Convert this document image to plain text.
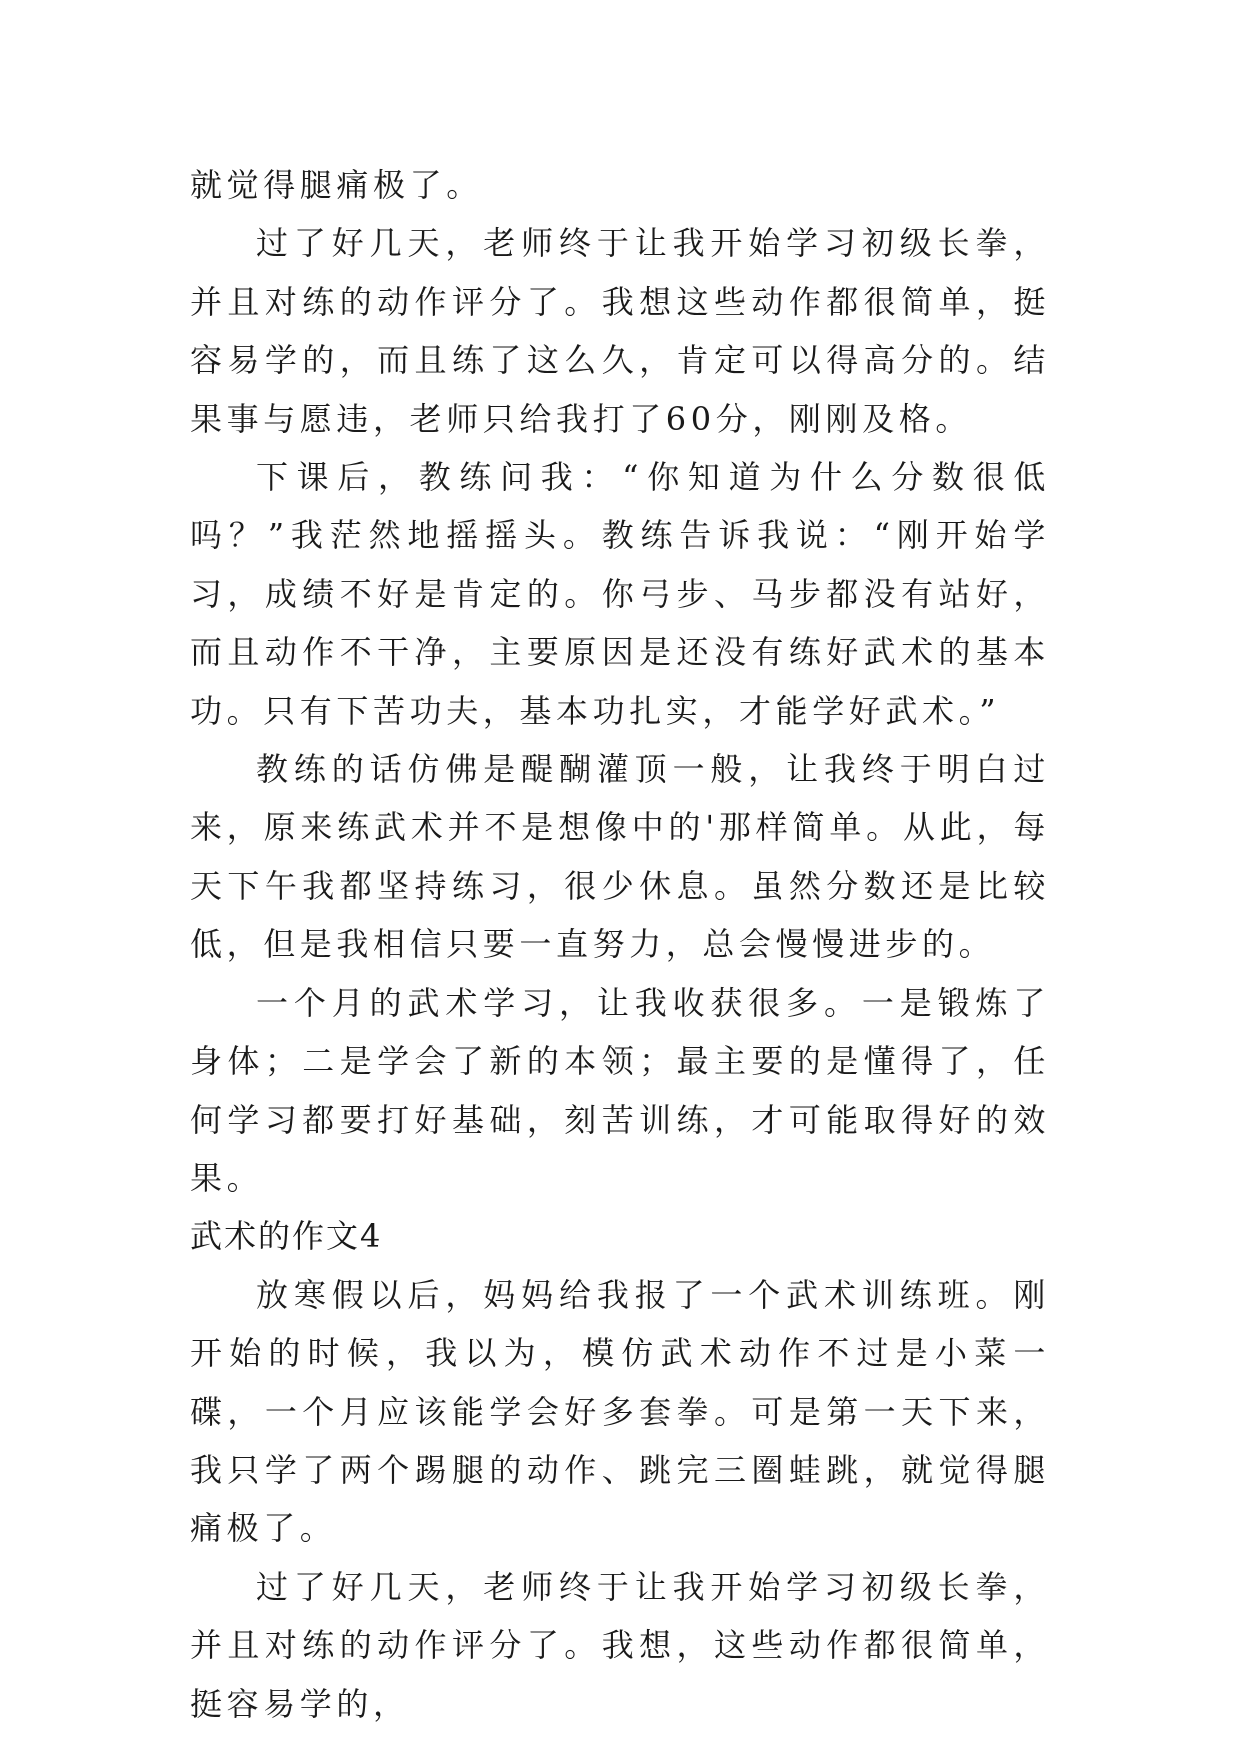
就觉得腿痛极了。

过了好几天，老师终于让我开始学习初级长拳，并且对练的动作评分了。我想这些动作都很简单，挺容易学的，而且练了这么久，肯定可以得高分的。结果事与愿违，老师只给我打了60分，刚刚及格。

下课后，教练问我：“你知道为什么分数很低吗？”我茫然地摇摇头。教练告诉我说：“刚开始学习，成绩不好是肯定的。你弓步、马步都没有站好，而且动作不干净，主要原因是还没有练好武术的基本功。只有下苦功夫，基本功扎实，才能学好武术。”

教练的话仿佛是醍醐灌顶一般，让我终于明白过来，原来练武术并不是想像中的'那样简单。从此，每天下午我都坚持练习，很少休息。虽然分数还是比较低，但是我相信只要一直努力，总会慢慢进步的。

一个月的武术学习，让我收获很多。一是锻炼了身体；二是学会了新的本领；最主要的是懂得了，任何学习都要打好基础，刻苦训练，才可能取得好的效果。

武术的作文4

放寒假以后，妈妈给我报了一个武术训练班。刚开始的时候，我以为，模仿武术动作不过是小菜一碟，一个月应该能学会好多套拳。可是第一天下来，我只学了两个踢腿的动作、跳完三圈蛙跳，就觉得腿痛极了。

过了好几天，老师终于让我开始学习初级长拳，并且对练的动作评分了。我想，这些动作都很简单，挺容易学的，
